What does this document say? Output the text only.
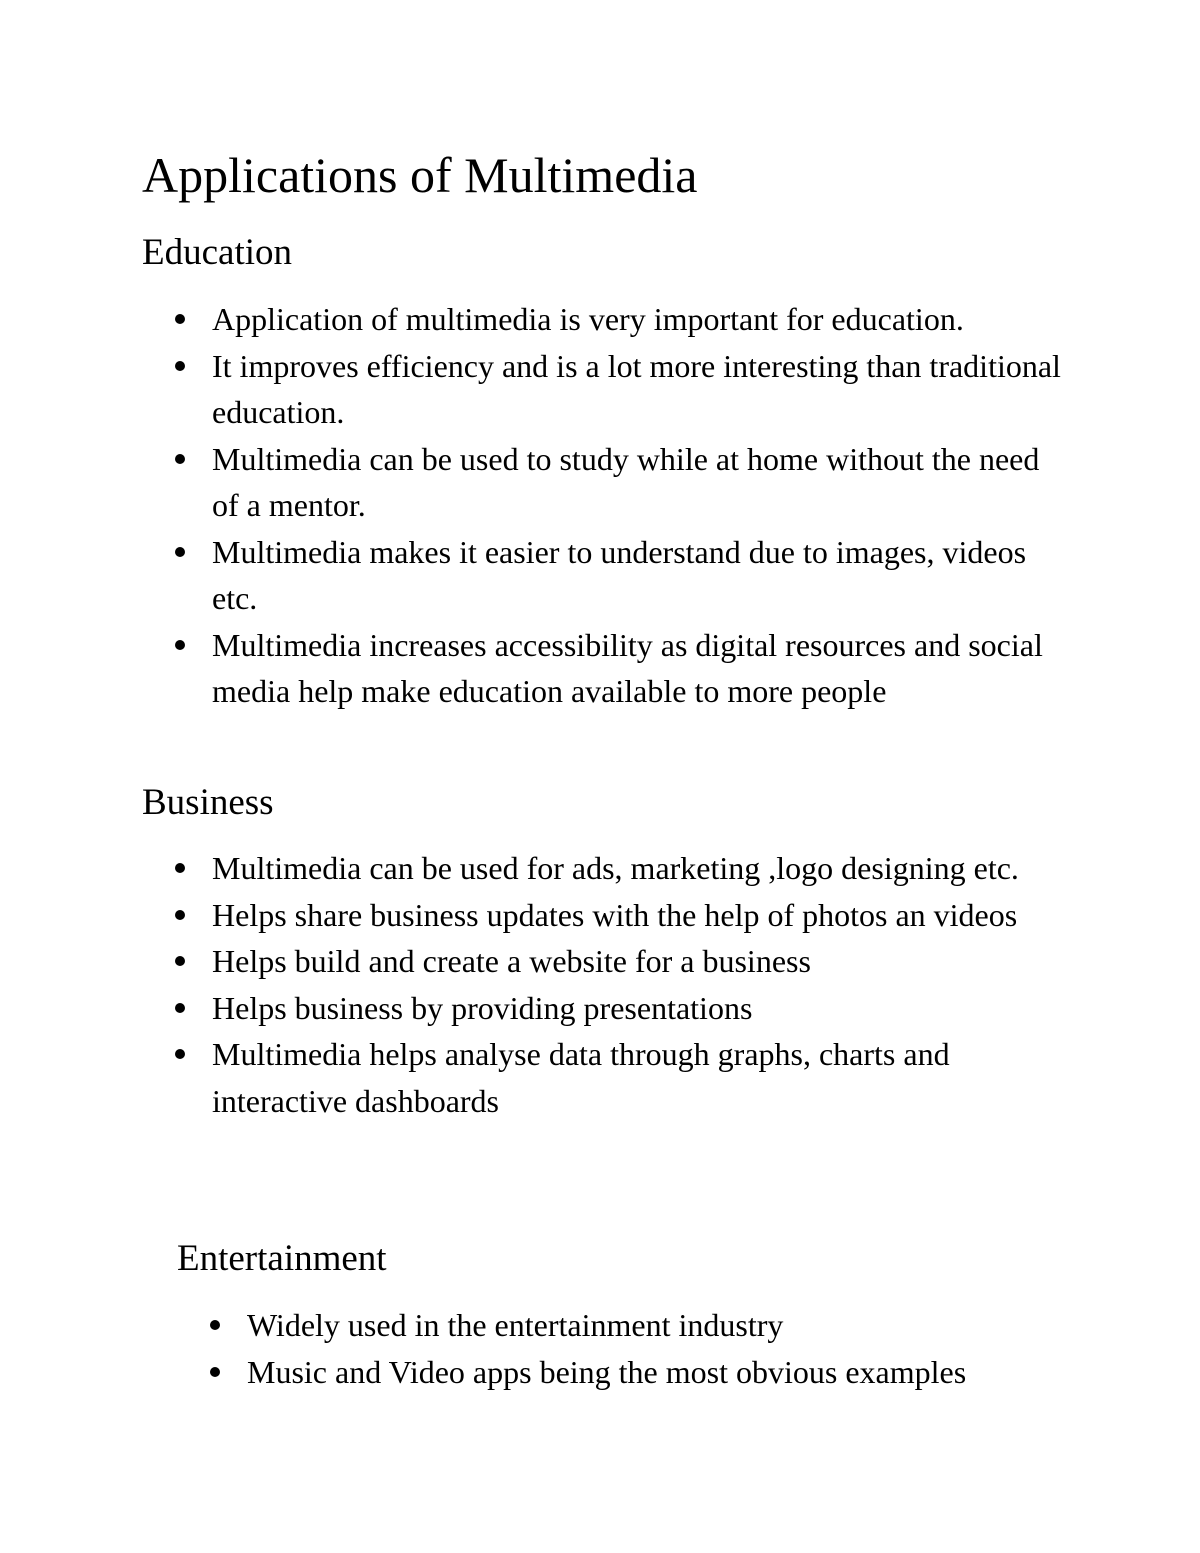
Applications of Multimedia
Education
Application of multimedia is very important for education.
It improves efficiency and is a lot more interesting than traditional education.
Multimedia can be used to study while at home without the need of a mentor.
Multimedia makes it easier to understand due to images, videos etc.
Multimedia increases accessibility as digital resources and social media help make education available to more people
Business
Multimedia can be used for ads, marketing ,logo designing etc.
Helps share business updates with the help of photos an videos
Helps build and create a website for a business
Helps business by providing presentations
Multimedia helps analyse data through graphs, charts and interactive dashboards
Entertainment
Widely used in the entertainment industry
Music and Video apps being the most obvious examples
